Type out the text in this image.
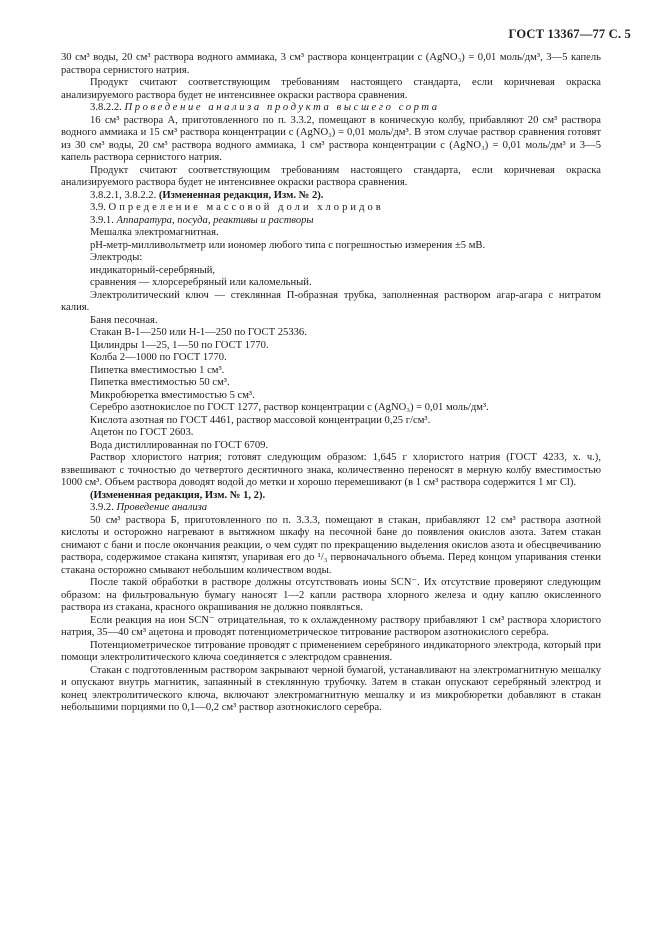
ГОСТ 13367—77 С. 5

30 см³ воды, 20 см³ раствора водного аммиака, 3 см³ раствора концентрации c (AgNO₃) = 0,01 моль/дм³, 3—5 капель раствора сернистого натрия.

Продукт считают соответствующим требованиям настоящего стандарта, если коричневая окраска анализируемого раствора будет не интенсивнее окраски раствора сравнения.

3.8.2.2. Проведение анализа продукта высшего сорта

16 см³ раствора А, приготовленного по п. 3.3.2, помещают в коническую колбу, прибавляют 20 см³ раствора водного аммиака и 15 см³ раствора концентрации c (AgNO₃) = 0,01 моль/дм³. В этом случае раствор сравнения готовят из 30 см³ воды, 20 см³ раствора водного аммиака, 1 см³ раствора концентрации c (AgNO₃) = 0,01 моль/дм³ и 3—5 капель раствора сернистого натрия.

Продукт считают соответствующим требованиям настоящего стандарта, если коричневая окраска анализируемого раствора будет не интенсивнее окраски раствора сравнения.

3.8.2.1, 3.8.2.2. (Измененная редакция, Изм. № 2).

3.9. Определение массовой доли хлоридов

3.9.1. Аппаратура, посуда, реактивы и растворы

Мешалка электромагнитная.

рН-метр-милливольтметр или иономер любого типа с погрешностью измерения ±5 мВ.

Электроды:

индикаторный-серебряный,

сравнения — хлорсеребряный или каломельный.

Электролитический ключ — стеклянная П-образная трубка, заполненная раствором агар-агара с нитратом калия.

Баня песочная.

Стакан В-1—250 или Н-1—250 по ГОСТ 25336.

Цилиндры 1—25, 1—50 по ГОСТ 1770.

Колба 2—1000 по ГОСТ 1770.

Пипетка вместимостью 1 см³.

Пипетка вместимостью 50 см³.

Микробюретка вместимостью 5 см³.

Серебро азотнокислое по ГОСТ 1277, раствор концентрации c (AgNO₃) = 0,01 моль/дм³.

Кислота азотная по ГОСТ 4461, раствор массовой концентрации 0,25 г/см³.

Ацетон по ГОСТ 2603.

Вода дистиллированная по ГОСТ 6709.

Раствор хлористого натрия; готовят следующим образом: 1,645 г хлористого натрия (ГОСТ 4233, х. ч.), взвешивают с точностью до четвертого десятичного знака, количественно переносят в мерную колбу вместимостью 1000 см³. Объем раствора доводят водой до метки и хорошо перемешивают (в 1 см³ раствора содержится 1 мг Cl).

(Измененная редакция, Изм. № 1, 2).

3.9.2. Проведение анализа

50 см³ раствора Б, приготовленного по п. 3.3.3, помещают в стакан, прибавляют 12 см³ раствора азотной кислоты и осторожно нагревают в вытяжном шкафу на песочной бане до появления окислов азота. Затем стакан снимают с бани и после окончания реакции, о чем судят по прекращению выделения окислов азота и обесцвечиванию раствора, содержимое стакана кипятят, упаривая его до ¹/₃ первоначального объема. Перед концом упаривания стенки стакана осторожно смывают небольшим количеством воды.

После такой обработки в растворе должны отсутствовать ионы SCN⁻. Их отсутствие проверяют следующим образом: на фильтровальную бумагу наносят 1—2 капли раствора хлорного железа и одну каплю окисленного раствора из стакана, красного окрашивания не должно появляться.

Если реакция на ион SCN⁻ отрицательная, то к охлажденному раствору прибавляют 1 см³ раствора хлористого натрия, 35—40 см³ ацетона и проводят потенциометрическое титрование раствором азотнокислого серебра.

Потенциометрическое титрование проводят с применением серебряного индикаторного электрода, который при помощи электролитического ключа соединяется с электродом сравнения.

Стакан с подготовленным раствором закрывают черной бумагой, устанавливают на электромагнитную мешалку и опускают внутрь магнитик, запаянный в стеклянную трубочку. Затем в стакан опускают серебряный электрод и конец электролитического ключа, включают электромагнитную мешалку и из микробюретки добавляют в стакан небольшими порциями по 0,1—0,2 см³ раствор азотнокислого серебра.
